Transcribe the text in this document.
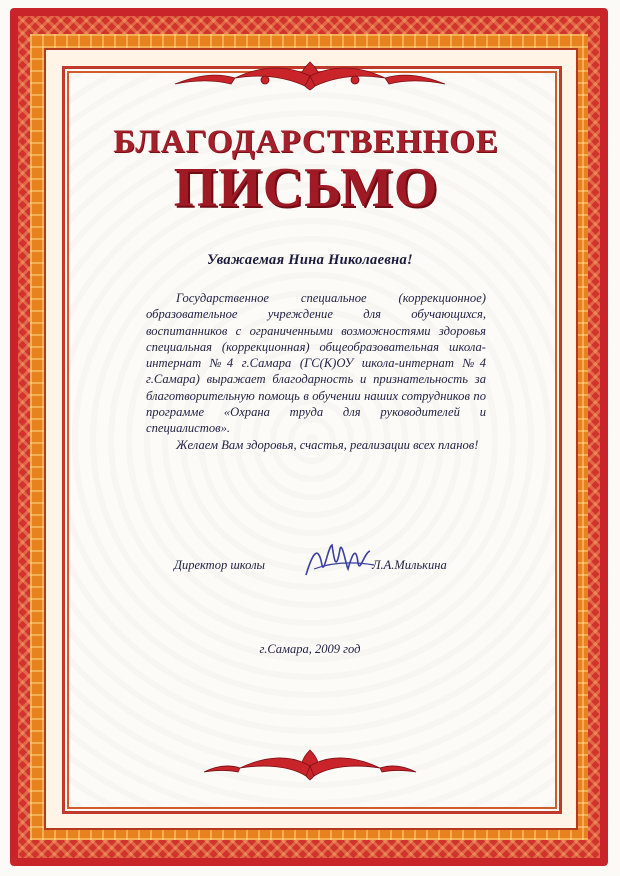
БЛАГОДАРСТВЕННОЕ
ПИСЬМО
Уважаемая Нина Николаевна!

Государственное специальное (коррекционное) образовательное учреждение для обучающихся, воспитанников с ограниченными возможностями здоровья специальная (коррекционная) общеобразовательная школа-интернат №4 г.Самара (ГС(К)ОУ школа-интернат №4 г.Самара) выражает благодарность и признательность за благотворительную помощь в обучении наших сотрудников по программе «Охрана труда для руководителей и специалистов».

Желаем Вам здоровья, счастья, реализации всех планов!

Директор школы	Л.А.Милькина
г.Самара, 2009 год
